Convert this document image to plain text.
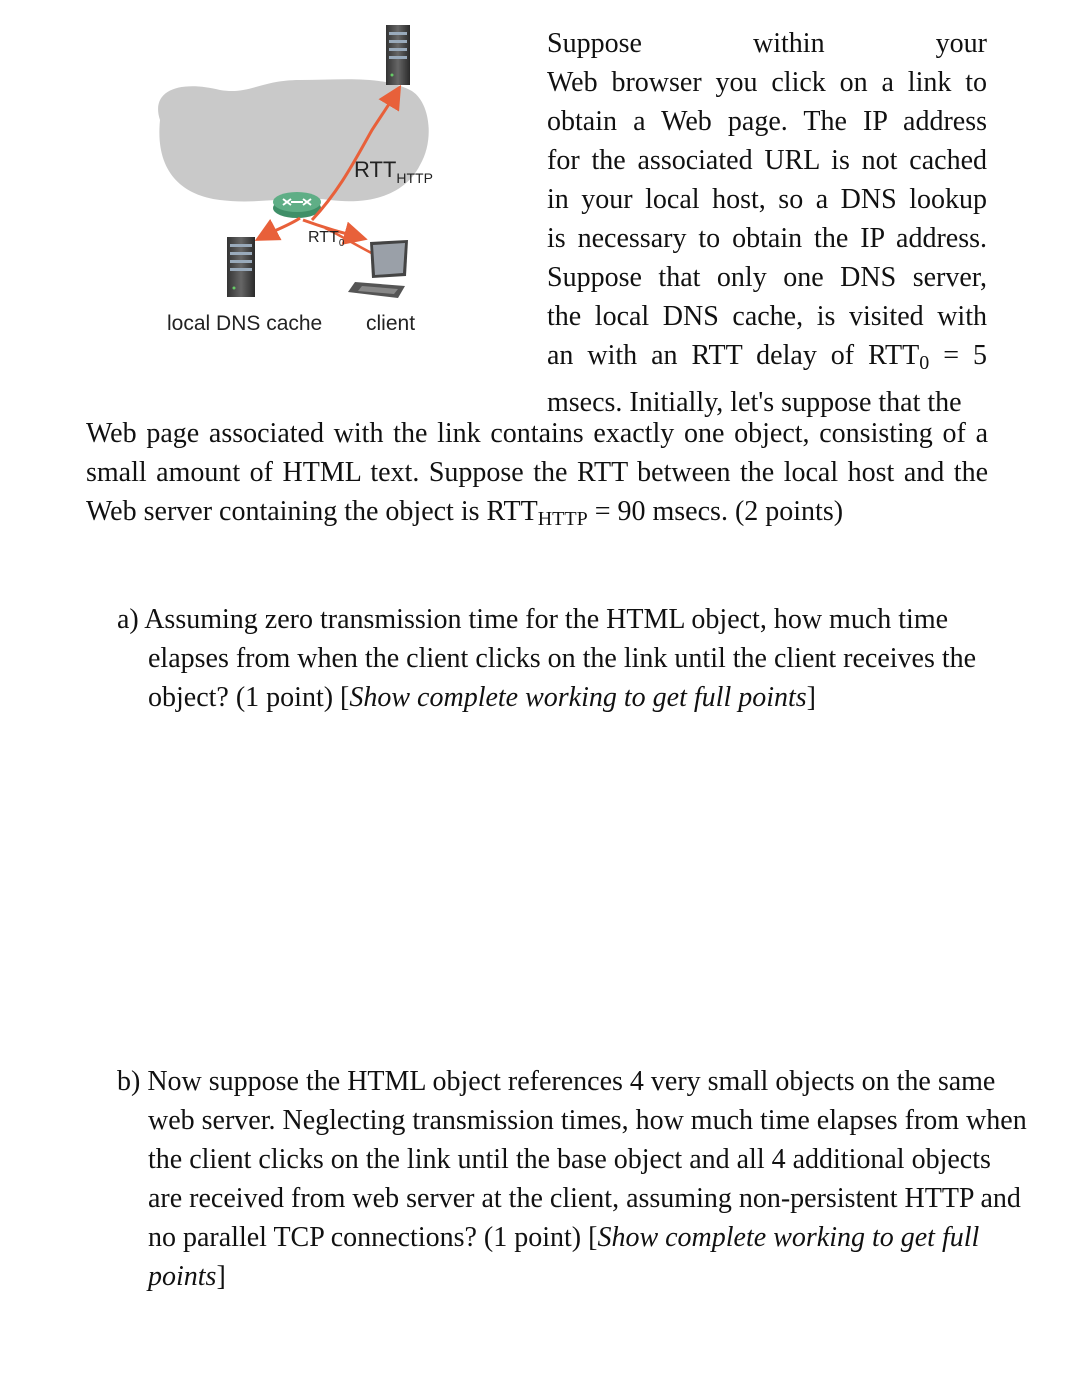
$RTT_{HTTP}$
$RTT_0$
local DNS cache client
Suppose within your
Web browser you click on a link to
obtain a Web page. The IP address
for the associated URL is not cached
in your local host, so a DNS lookup
is necessary to obtain the IP address.
Suppose that only one DNS server,
the local DNS cache, is visited with
an with an RTT delay of $RTT_0 = 5$
msecs. Initially, let's suppose that the

Web page associated with the link contains exactly one object, consisting of a small amount of HTML text. Suppose the RTT between the local host and the Web server containing the object is $RTT_{HTTP} = 90$ msecs. (2 points)

a) Assuming zero transmission time for the HTML object, how much time elapses from when the client clicks on the link until the client receives the object? (1 point) [Show complete working to get full points]

b) Now suppose the HTML object references 4 very small objects on the same web server. Neglecting transmission times, how much time elapses from when the client clicks on the link until the base object and all 4 additional objects are received from web server at the client, assuming non-persistent HTTP and no parallel TCP connections? (1 point) [Show complete working to get full points]
